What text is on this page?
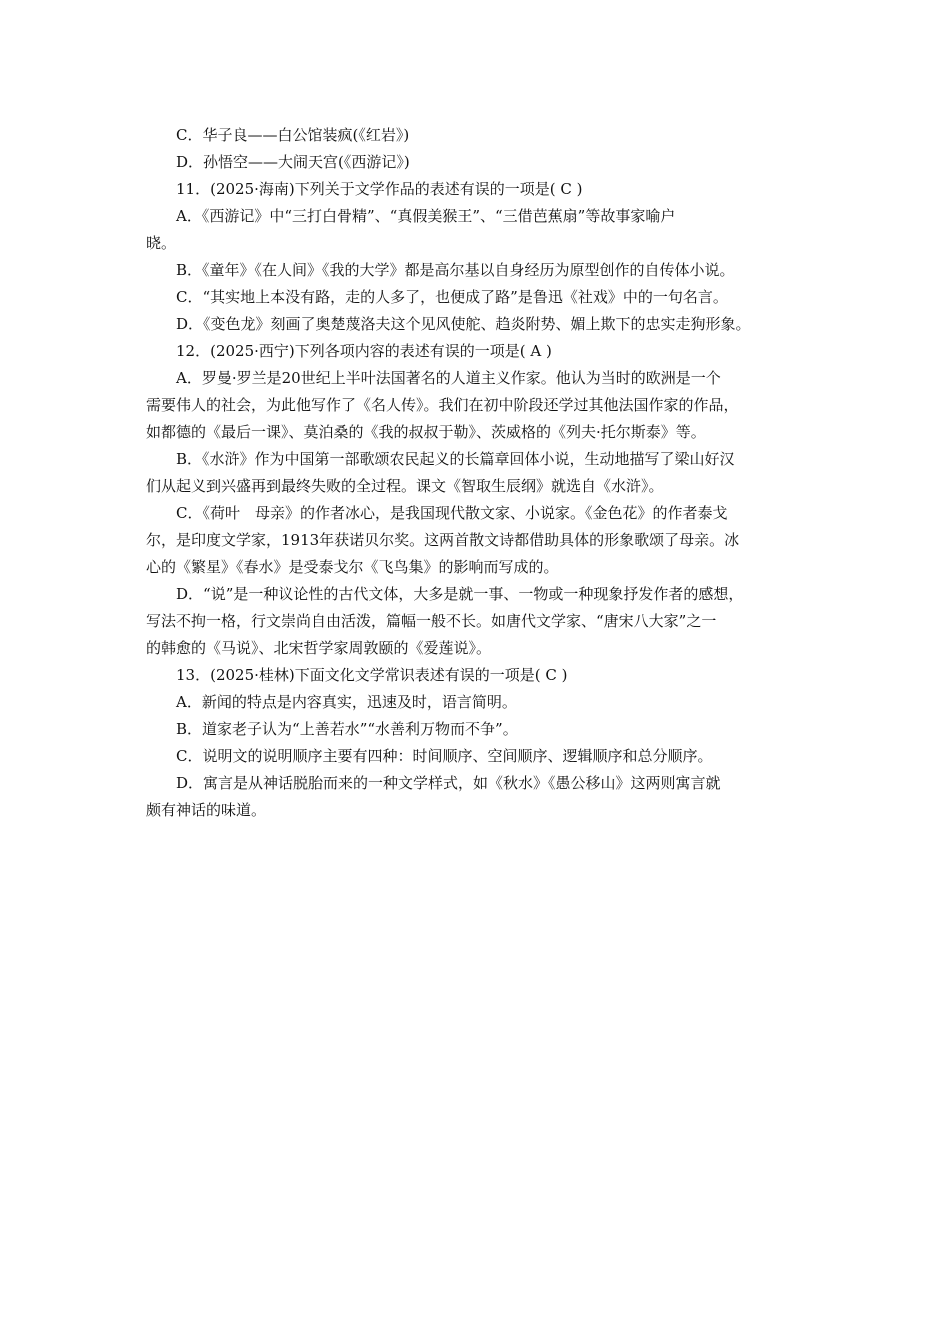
C．华子良——白公馆装疯(《红岩》)
D．孙悟空——大闹天宫(《西游记》)
11．(2025·海南)下列关于文学作品的表述有误的一项是( C )
A．《西游记》中“三打白骨精”、“真假美猴王”、“三借芭蕉扇”等故事家喻户
晓。
B．《童年》《在人间》《我的大学》都是高尔基以自身经历为原型创作的自传体小说。
C．“其实地上本没有路，走的人多了，也便成了路”是鲁迅《社戏》中的一句名言。
D．《变色龙》刻画了奥楚蔑洛夫这个见风使舵、趋炎附势、媚上欺下的忠实走狗形象。
12．(2025·西宁)下列各项内容的表述有误的一项是( A )
A．罗曼·罗兰是20世纪上半叶法国著名的人道主义作家。他认为当时的欧洲是一个
需要伟人的社会，为此他写作了《名人传》。我们在初中阶段还学过其他法国作家的作品，
如都德的《最后一课》、莫泊桑的《我的叔叔于勒》、茨威格的《列夫·托尔斯泰》等。
B．《水浒》作为中国第一部歌颂农民起义的长篇章回体小说，生动地描写了梁山好汉
们从起义到兴盛再到最终失败的全过程。课文《智取生辰纲》就选自《水浒》。
C．《荷叶　母亲》的作者冰心，是我国现代散文家、小说家。《金色花》的作者泰戈
尔，是印度文学家，1913年获诺贝尔奖。这两首散文诗都借助具体的形象歌颂了母亲。冰
心的《繁星》《春水》是受泰戈尔《飞鸟集》的影响而写成的。
D．“说”是一种议论性的古代文体，大多是就一事、一物或一种现象抒发作者的感想，
写法不拘一格，行文崇尚自由活泼，篇幅一般不长。如唐代文学家、“唐宋八大家”之一
的韩愈的《马说》、北宋哲学家周敦颐的《爱莲说》。
13．(2025·桂林)下面文化文学常识表述有误的一项是( C )
A．新闻的特点是内容真实，迅速及时，语言简明。
B．道家老子认为“上善若水”“水善利万物而不争”。
C．说明文的说明顺序主要有四种：时间顺序、空间顺序、逻辑顺序和总分顺序。
D．寓言是从神话脱胎而来的一种文学样式，如《秋水》《愚公移山》这两则寓言就
颇有神话的味道。
